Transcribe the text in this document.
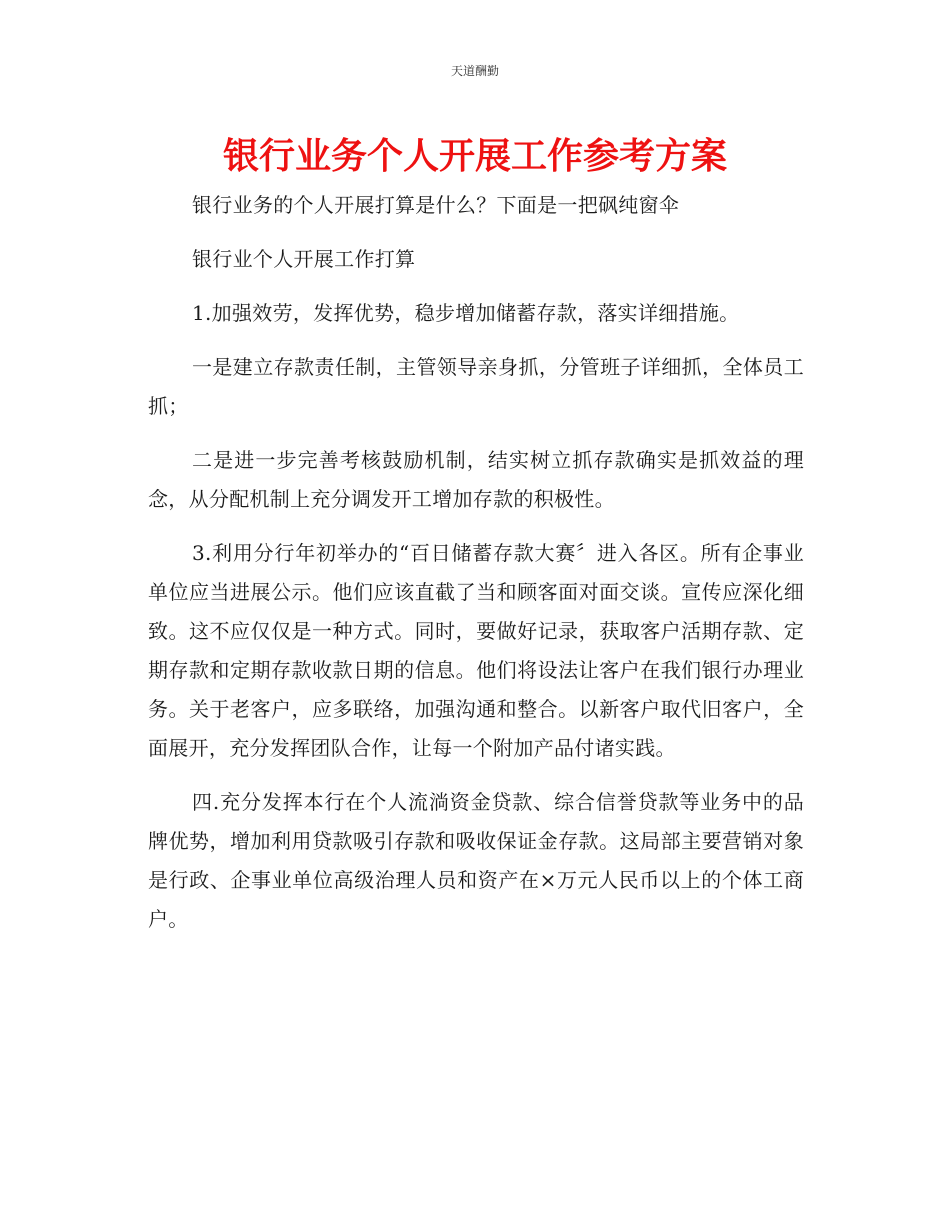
天道酬勤
银行业务个人开展工作参考方案

银行业务的个人开展打算是什么？下面是一把砜纯窗伞

银行业个人开展工作打算

1.加强效劳，发挥优势，稳步增加储蓄存款，落实详细措施。

一是建立存款责任制，主管领导亲身抓，分管班子详细抓，全体员工抓；

二是进一步完善考核鼓励机制，结实树立抓存款确实是抓效益的理念，从分配机制上充分调发开工增加存款的积极性。

3.利用分行年初举办的“百日储蓄存款大赛〞进入各区。所有企事业单位应当进展公示。他们应该直截了当和顾客面对面交谈。宣传应深化细致。这不应仅仅是一种方式。同时，要做好记录，获取客户活期存款、定期存款和定期存款收款日期的信息。他们将设法让客户在我们银行办理业务。关于老客户，应多联络，加强沟通和整合。以新客户取代旧客户，全面展开，充分发挥团队合作，让每一个附加产品付诸实践。

四.充分发挥本行在个人流淌资金贷款、综合信誉贷款等业务中的品牌优势，增加利用贷款吸引存款和吸收保证金存款。这局部主要营销对象是行政、企事业单位高级治理人员和资产在×万元人民币以上的个体工商户。
